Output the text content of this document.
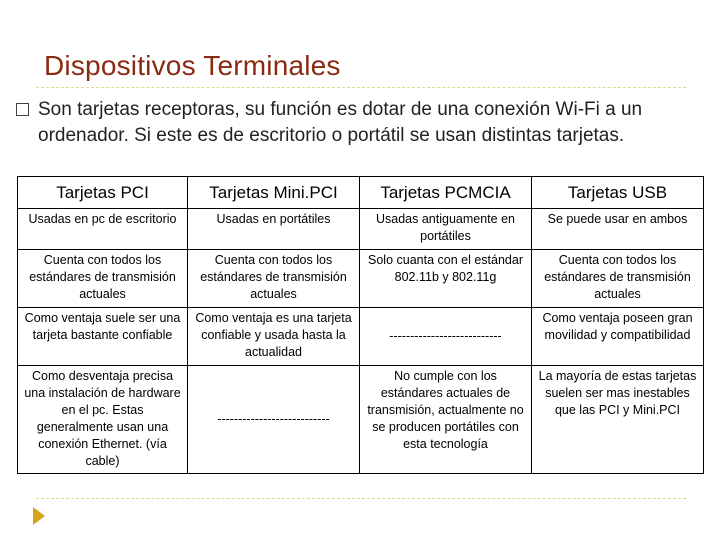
Dispositivos Terminales
Son tarjetas receptoras, su función es dotar de una conexión Wi-Fi a un ordenador. Si este es de escritorio o portátil se usan distintas tarjetas.
Tarjetas PCI	Tarjetas Mini.PCI	Tarjetas PCMCIA	Tarjetas USB
Usadas en pc de escritorio	Usadas en portátiles	Usadas antiguamente en portátiles	Se puede usar en ambos
Cuenta con todos los estándares de transmisión actuales	Cuenta con todos los estándares de transmisión actuales	Solo cuanta con el estándar 802.11b y 802.11g	Cuenta con todos los estándares de transmisión actuales
Como ventaja suele ser una tarjeta bastante confiable	Como ventaja es una tarjeta confiable y usada hasta la actualidad	---------------------------	Como ventaja poseen gran movilidad y compatibilidad
Como desventaja precisa una instalación de hardware en el pc. Estas generalmente usan una conexión Ethernet. (vía cable)	---------------------------	No cumple con los estándares actuales de transmisión, actualmente no se producen portátiles con esta tecnología	La mayoría de estas tarjetas suelen ser mas inestables que las PCI y Mini.PCI
